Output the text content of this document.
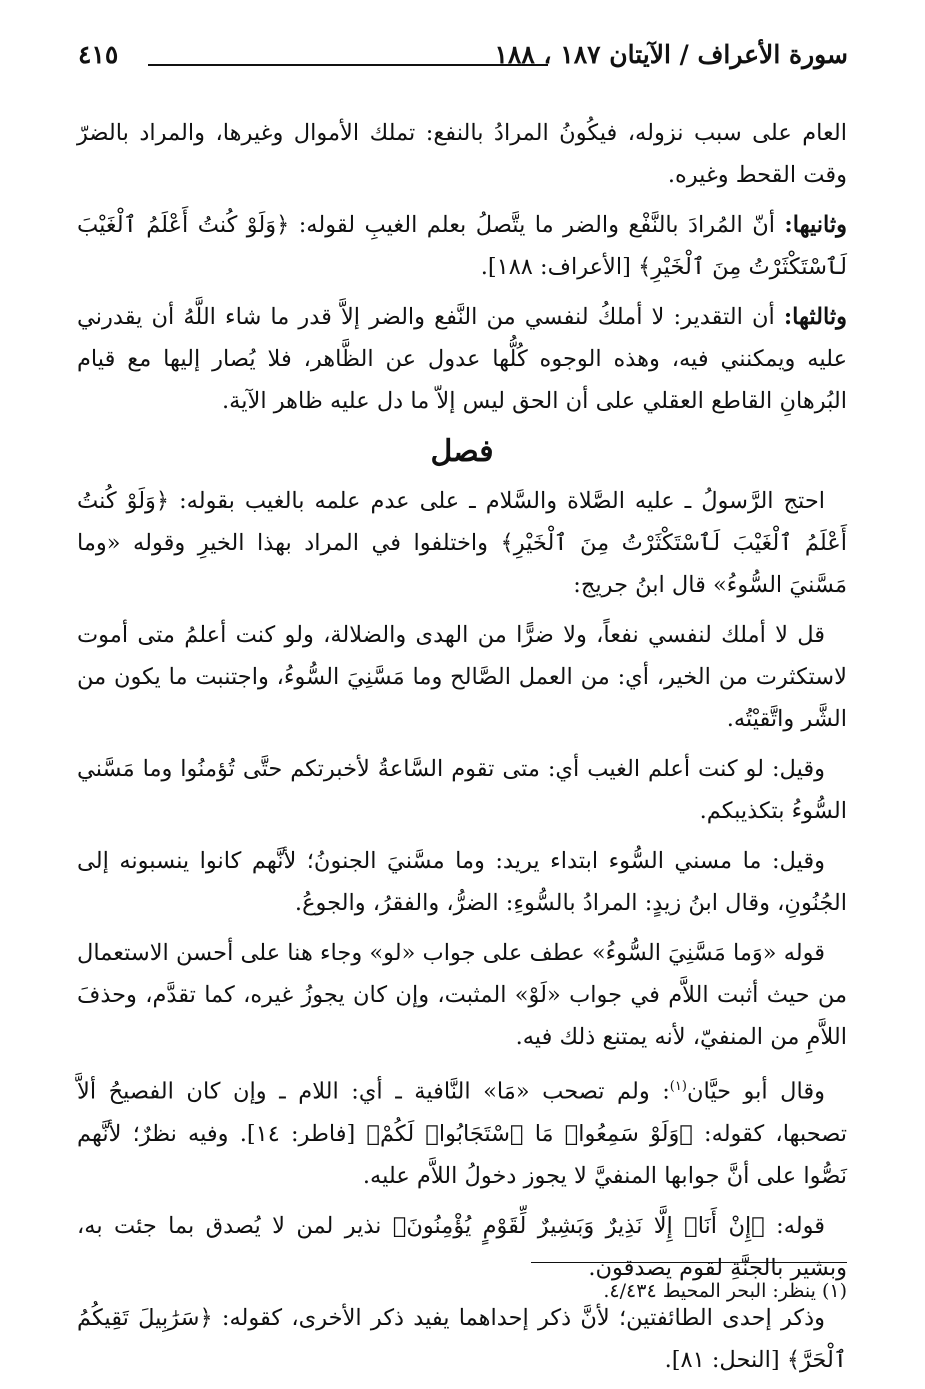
سورة الأعراف / الآيتان ١٨٧ ، ١٨٨
٤١٥

العام على سبب نزوله، فيكُونُ المرادُ بالنفع: تملك الأموال وغيرها، والمراد بالضرّ وقت القحط وغيره.

وثانيها: أنّ المُرادَ بالنَّفْع والضر ما يتَّصلُ بعلم الغيبِ لقوله: ﴿وَلَوْ كُنتُ أَعْلَمُ ٱلْغَيْبَ لَٱسْتَكْثَرْتُ مِنَ ٱلْخَيْرِ﴾ [الأعراف: ١٨٨].

وثالثها: أن التقدير: لا أملكُ لنفسي من النَّفع والضر إلاَّ قدر ما شاء اللَّهُ أن يقدرني عليه ويمكنني فيه، وهذه الوجوه كُلُّها عدول عن الظَّاهر، فلا يُصار إليها مع قيام البُرهانِ القاطع العقلي على أن الحق ليس إلاّ ما دل عليه ظاهر الآية.

فصل

احتج الرَّسولُ ـ عليه الصَّلاة والسَّلام ـ على عدم علمه بالغيب بقوله: ﴿وَلَوْ كُنتُ أَعْلَمُ ٱلْغَيْبَ لَٱسْتَكْثَرْتُ مِنَ ٱلْخَيْرِ﴾ واختلفوا في المراد بهذا الخيرِ وقوله «وما مَسَّنيَ السُّوءُ» قال ابنُ جريج:

قل لا أملك لنفسي نفعاً، ولا ضرًّا من الهدى والضلالة، ولو كنت أعلمُ متى أموت لاستكثرت من الخير، أي: من العمل الصَّالح وما مَسَّنِيَ السُّوءُ، واجتنبت ما يكون من الشَّر واتَّقيْتُه.

وقيل: لو كنت أعلم الغيب أي: متى تقوم السَّاعةُ لأخبرتكم حتَّى تُؤمنُوا وما مَسَّني السُّوءُ بتكذيبكم.

وقيل: ما مسني السُّوء ابتداء يريد: وما مسَّنيَ الجنونُ؛ لأنَّهم كانوا ينسبونه إلى الجُنُونِ، وقال ابنُ زيدٍ: المرادُ بالسُّوءِ: الضرُّ، والفقرُ، والجوعُ.

قوله «وَما مَسَّنِيَ السُّوءُ» عطف على جواب «لو» وجاء هنا على أحسن الاستعمال من حيث أثبت اللاَّم في جواب «لَوْ» المثبت، وإن كان يجوزُ غيره، كما تقدَّم، وحذفَ اللاَّمِ من المنفيّ، لأنه يمتنع ذلك فيه.

وقال أبو حيَّان$^{(١)}$: ولم تصحب «مَا» النَّافية ـ أي: اللام ـ وإن كان الفصيحُ ألاَّ تصحبها، كقوله: ﴿وَلَوْ سَمِعُوا۟ مَا ٱسْتَجَابُوا۟ لَكُمْ﴾ [فاطر: ١٤]. وفيه نظرٌ؛ لأنَّهم نَصُّوا على أنَّ جوابها المنفيَّ لا يجوز دخولُ اللاَّم عليه.

قوله: ﴿إِنْ أَنَا۠ إِلَّا نَذِيرٌ وَبَشِيرٌ لِّقَوْمٍ يُؤْمِنُونَ﴾ نذير لمن لا يُصدق بما جئت به، وبشير بالجنَّةِ لقوم يصدقون.

وذكر إحدى الطائفتين؛ لأنَّ ذكر إحداهما يفيد ذكر الأخرى، كقوله: ﴿سَرَٰبِيلَ تَقِيكُمُ ٱلْحَرَّ﴾ [النحل: ٨١].

(١) ينظر: البحر المحيط ٤/٤٣٤.
